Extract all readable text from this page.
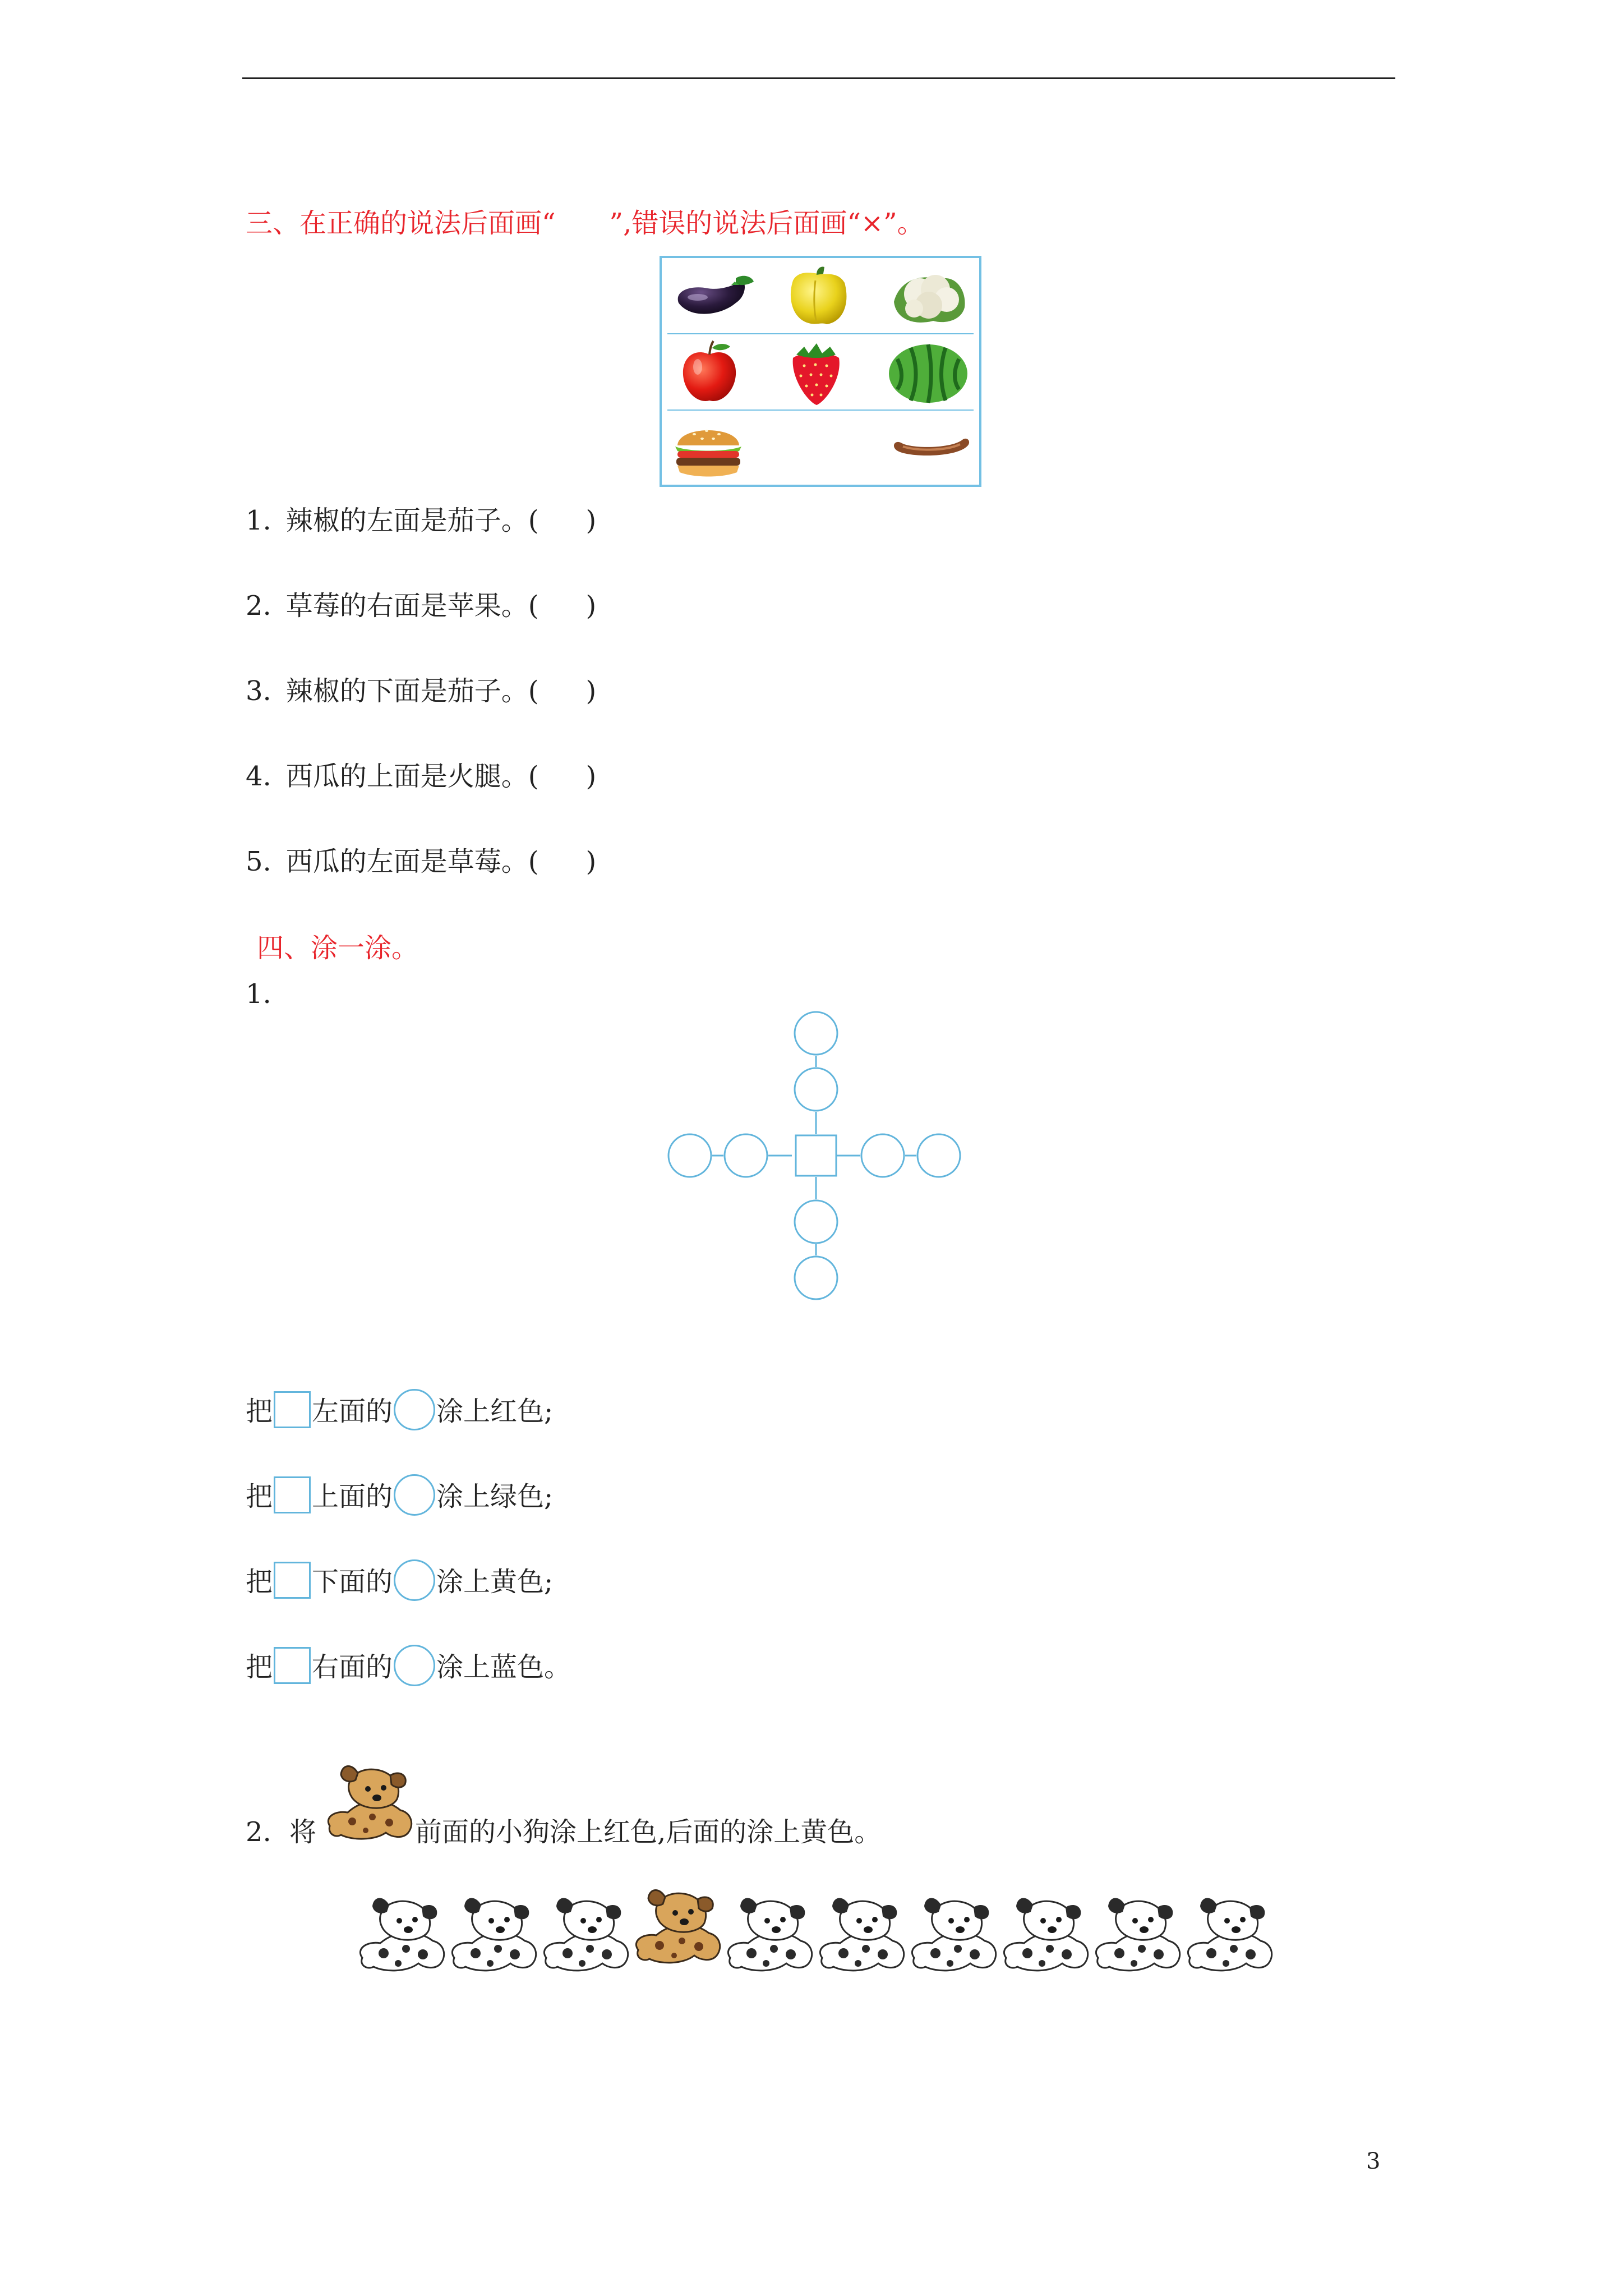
三、在正确的说法后面画“ ”,错误的说法后面画“×”。
1. 辣椒的左面是茄子。( )
2. 草莓的右面是苹果。( )
3. 辣椒的下面是茄子。( )
4. 西瓜的上面是火腿。( )
5. 西瓜的左面是草莓。( )
四、涂一涂。
1.
把 左面的 涂上红色;
把 上面的 涂上绿色;
把 下面的 涂上黄色;
把 右面的 涂上蓝色。
2. 将	前面的小狗涂上红色,后面的涂上黄色。
3
